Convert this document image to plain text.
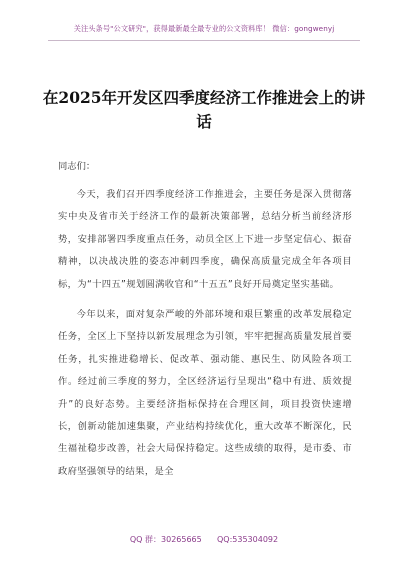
关注头条号"公文研究"，获得最新最全最专业的公文资料库！ 微信：gongwenyj
在2025年开发区四季度经济工作推进会上的讲话

同志们：

今天，我们召开四季度经济工作推进会，主要任务是深入贯彻落实中央及省市关于经济工作的最新决策部署，总结分析当前经济形势，安排部署四季度重点任务，动员全区上下进一步坚定信心、振奋精神，以决战决胜的姿态冲刺四季度，确保高质量完成全年各项目标，为“十四五”规划圆满收官和“十五五”良好开局奠定坚实基础。

今年以来，面对复杂严峻的外部环境和艰巨繁重的改革发展稳定任务，全区上下坚持以新发展理念为引领，牢牢把握高质量发展首要任务，扎实推进稳增长、促改革、强动能、惠民生、防风险各项工作。经过前三季度的努力，全区经济运行呈现出“稳中有进、质效提升”的良好态势。主要经济指标保持在合理区间，项目投资快速增长，创新动能加速集聚，产业结构持续优化，重大改革不断深化，民生福祉稳步改善，社会大局保持稳定。这些成绩的取得，是市委、市政府坚强领导的结果，是全

QQ 群：30265665 QQ:535304092
